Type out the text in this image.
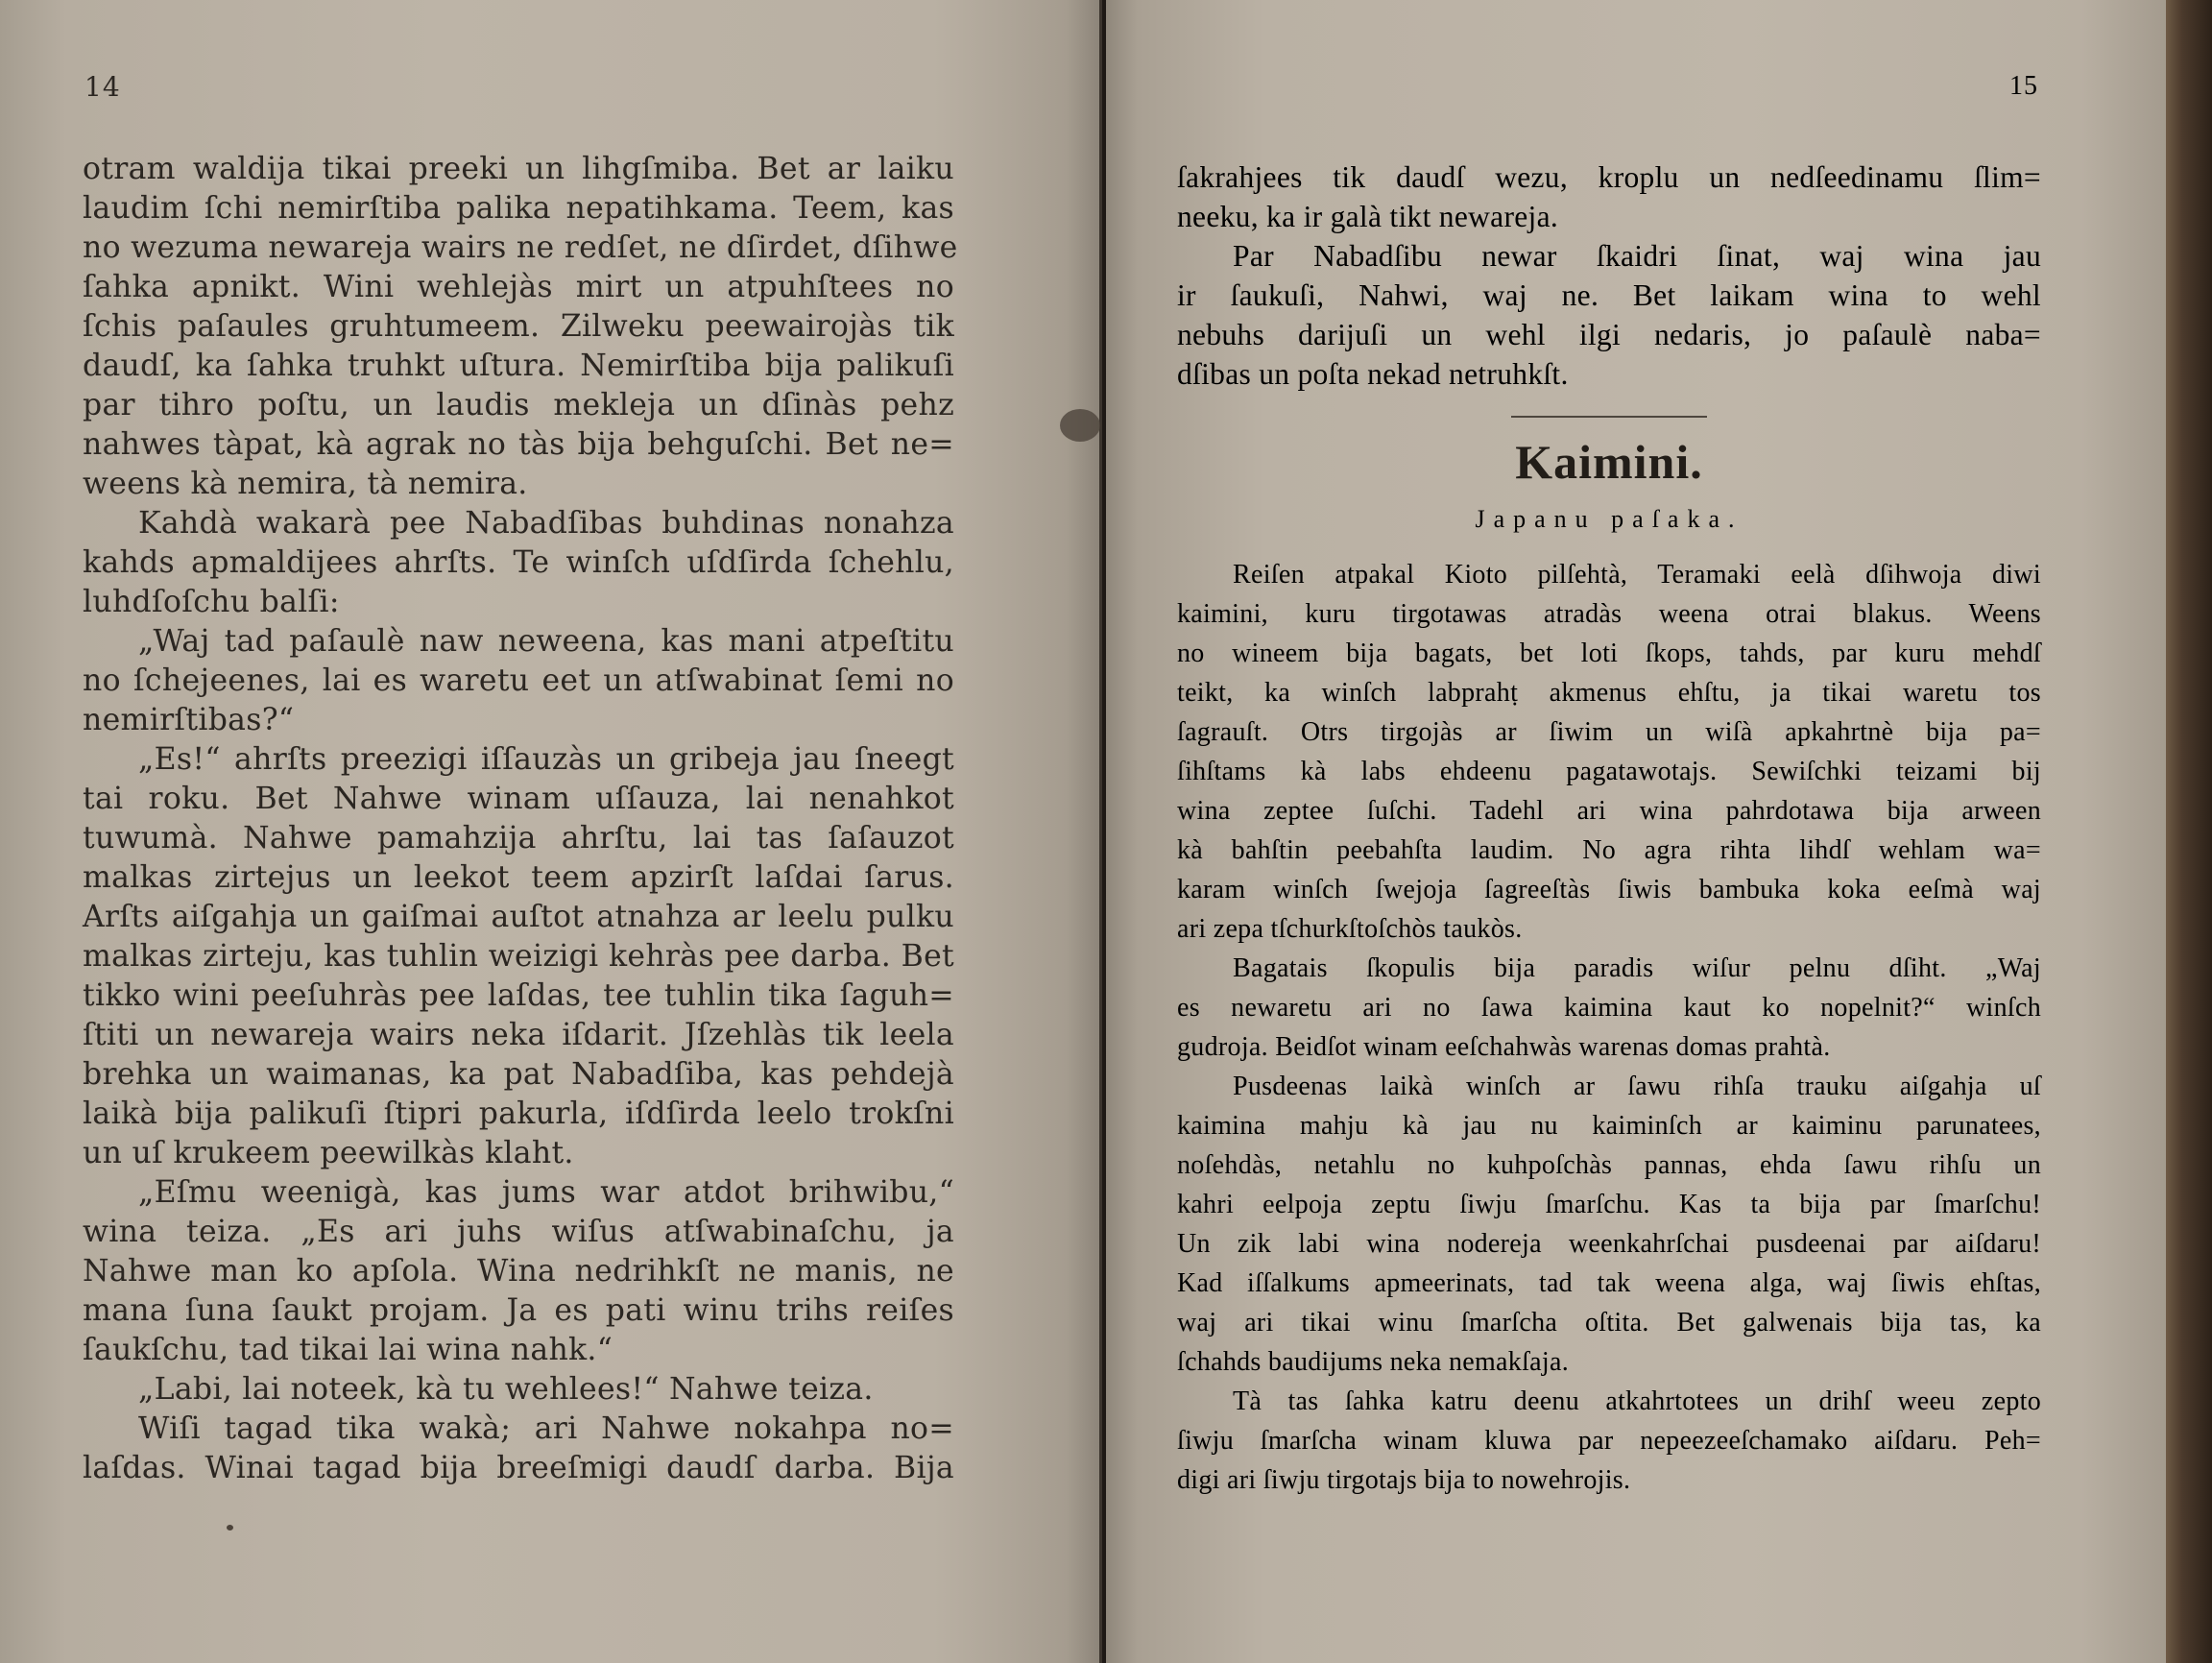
14
otram waldija tikai preeki un lihgſmiba. Bet ar laiku
laudim ſchi nemirſtiba palika nepatihkama. Teem, kas
no wezuma newareja wairs ne redſet, ne dſirdet, dſihwe
ſahka apnikt. Wini wehlejàs mirt un atpuhſtees no
ſchis paſaules gruhtumeem. Zilweku peewairojàs tik
daudſ, ka ſahka truhkt uſtura. Nemirſtiba bija palikuſi
par tihro poſtu, un laudis mekleja un dſinàs pehz
nahwes tàpat, kà agrak no tàs bija behguſchi. Bet ne=
weens kà nemira, tà nemira.
Kahdà wakarà pee Nabadſibas buhdinas nonahza
kahds apmaldijees ahrſts. Te winſch uſdſirda ſchehlu,
luhdſoſchu balſi:
„Waj tad paſaulè naw neweena, kas mani atpeſtitu
no ſchejeenes, lai es waretu eet un atſwabinat ſemi no
nemirſtibas?“
„Es!“ ahrſts preezigi iſſauzàs un gribeja jau ſneegt
tai roku. Bet Nahwe winam uſſauza, lai nenahkot
tuwumà. Nahwe pamahzija ahrſtu, lai tas ſaſauzot
malkas zirtejus un leekot teem apzirſt laſdai ſarus.
Arſts aiſgahja un gaiſmai auſtot atnahza ar leelu pulku
malkas zirteju, kas tuhlin weizigi kehràs pee darba. Bet
tikko wini peeſuhràs pee laſdas, tee tuhlin tika ſaguh=
ſtiti un newareja wairs neka iſdarit. Jſzehlàs tik leela
brehka un waimanas, ka pat Nabadſiba, kas pehdejà
laikà bija palikuſi ſtipri pakurla, iſdſirda leelo trokſni
un uſ krukeem peewilkàs klaht.
„Eſmu weenigà, kas jums war atdot brihwibu,“
wina teiza. „Es ari juhs wiſus atſwabinaſchu, ja
Nahwe man ko apſola. Wina nedrihkſt ne manis, ne
mana ſuna ſaukt projam. Ja es pati winu trihs reiſes
ſaukſchu, tad tikai lai wina nahk.“
„Labi, lai noteek, kà tu wehlees!“ Nahwe teiza.
Wiſi tagad tika wakà; ari Nahwe nokahpa no=
laſdas. Winai tagad bija breeſmigi daudſ darba. Bija
15
ſakrahjees tik daudſ wezu, kroplu un nedſeedinamu ſlim=
neeku, ka ir galà tikt newareja.
Par Nabadſibu newar ſkaidri ſinat, waj wina jau
ir ſaukuſi, Nahwi, waj ne. Bet laikam wina to wehl
nebuhs darijuſi un wehl ilgi nedaris, jo paſaulè naba=
dſibas un poſta nekad netruhkſt.
Kaimini.
Japanu paſaka.
Reiſen atpakal Kioto pilſehtà, Teramaki eelà dſihwoja diwi
kaimini, kuru tirgotawas atradàs weena otrai blakus. Weens
no wineem bija bagats, bet loti ſkops, tahds, par kuru mehdſ
teikt, ka winſch labprahṭ akmenus ehſtu, ja tikai waretu tos
ſagrauſt. Otrs tirgojàs ar ſiwim un wiſà apkahrtnè bija pa=
ſihſtams kà labs ehdeenu pagatawotajs. Sewiſchki teizami bij
wina zeptee ſuſchi. Tadehl ari wina pahrdotawa bija arween
kà bahſtin peebahſta laudim. No agra rihta lihdſ wehlam wa=
karam winſch ſwejoja ſagreeſtàs ſiwis bambuka koka eeſmà waj
ari zepa tſchurkſtoſchòs taukòs.
Bagatais ſkopulis bija paradis wiſur pelnu dſiht. „Waj
es newaretu ari no ſawa kaimina kaut ko nopelnit?“ winſch
gudroja. Beidſot winam eeſchahwàs warenas domas prahtà.
Pusdeenas laikà winſch ar ſawu rihſa trauku aiſgahja uſ
kaimina mahju kà jau nu kaiminſch ar kaiminu parunatees,
noſehdàs, netahlu no kuhpoſchàs pannas, ehda ſawu rihſu un
kahri eelpoja zeptu ſiwju ſmarſchu. Kas ta bija par ſmarſchu!
Un zik labi wina nodereja weenkahrſchai pusdeenai par aiſdaru!
Kad iſſalkums apmeerinats, tad tak weena alga, waj ſiwis ehſtas,
waj ari tikai winu ſmarſcha oſtita. Bet galwenais bija tas, ka
ſchahds baudijums neka nemakſaja.
Tà tas ſahka katru deenu atkahrtotees un drihſ weeu zepto
ſiwju ſmarſcha winam kluwa par nepeezeeſchamako aiſdaru. Peh=
digi ari ſiwju tirgotajs bija to nowehrojis.
